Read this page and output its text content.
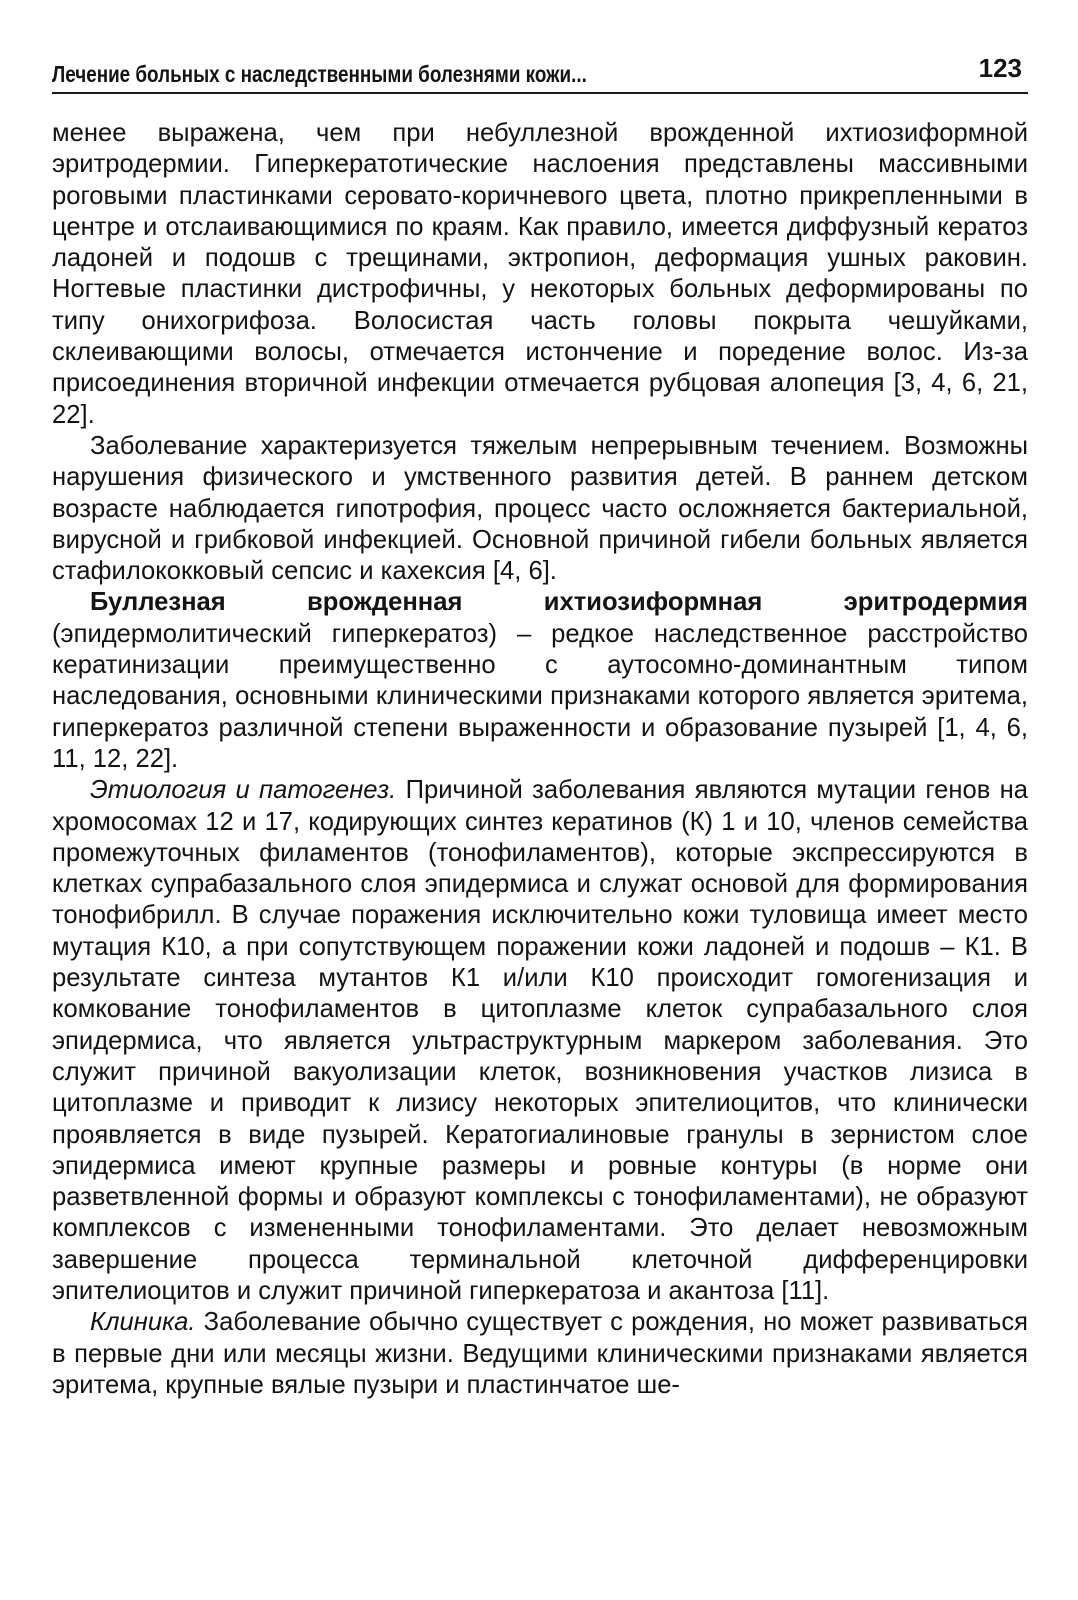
Лечение больных с наследственными болезнями кожи...	123

менее выражена, чем при небуллезной врожденной ихтиозиформной эритродермии. Гиперкератотические наслоения представлены массивными роговыми пластинками серовато-коричневого цвета, плотно прикрепленными в центре и отслаивающимися по краям. Как правило, имеется диффузный кератоз ладоней и подошв с трещинами, эктропион, деформация ушных раковин. Ногтевые пластинки дистрофичны, у некоторых больных деформированы по типу онихогрифоза. Волосистая часть головы покрыта чешуйками, склеивающими волосы, отмечается истончение и поредение волос. Из-за присоединения вторичной инфекции отмечается рубцовая алопеция [3, 4, 6, 21, 22].

Заболевание характеризуется тяжелым непрерывным течением. Возможны нарушения физического и умственного развития детей. В раннем детском возрасте наблюдается гипотрофия, процесс часто осложняется бактериальной, вирусной и грибковой инфекцией. Основной причиной гибели больных является стафилококковый сепсис и кахексия [4, 6].

Буллезная врожденная ихтиозиформная эритродермия (эпидермолитический гиперкератоз) – редкое наследственное расстройство кератинизации преимущественно с аутосомно-доминантным типом наследования, основными клиническими признаками которого является эритема, гиперкератоз различной степени выраженности и образование пузырей [1, 4, 6, 11, 12, 22].

Этиология и патогенез. Причиной заболевания являются мутации генов на хромосомах 12 и 17, кодирующих синтез кератинов (К) 1 и 10, членов семейства промежуточных филаментов (тонофиламентов), которые экспрессируются в клетках супрабазального слоя эпидермиса и служат основой для формирования тонофибрилл. В случае поражения исключительно кожи туловища имеет место мутация К10, а при сопутствующем поражении кожи ладоней и подошв – К1. В результате синтеза мутантов К1 и/или К10 происходит гомогенизация и комкование тонофиламентов в цитоплазме клеток супрабазального слоя эпидермиса, что является ультраструктурным маркером заболевания. Это служит причиной вакуолизации клеток, возникновения участков лизиса в цитоплазме и приводит к лизису некоторых эпителиоцитов, что клинически проявляется в виде пузырей. Кератогиалиновые гранулы в зернистом слое эпидермиса имеют крупные размеры и ровные контуры (в норме они разветвленной формы и образуют комплексы с тонофиламентами), не образуют комплексов с измененными тонофиламентами. Это делает невозможным завершение процесса терминальной клеточной дифференцировки эпителиоцитов и служит причиной гиперкератоза и акантоза [11].

Клиника. Заболевание обычно существует с рождения, но может развиваться в первые дни или месяцы жизни. Ведущими клиническими признаками является эритема, крупные вялые пузыри и пластинчатое ше-
